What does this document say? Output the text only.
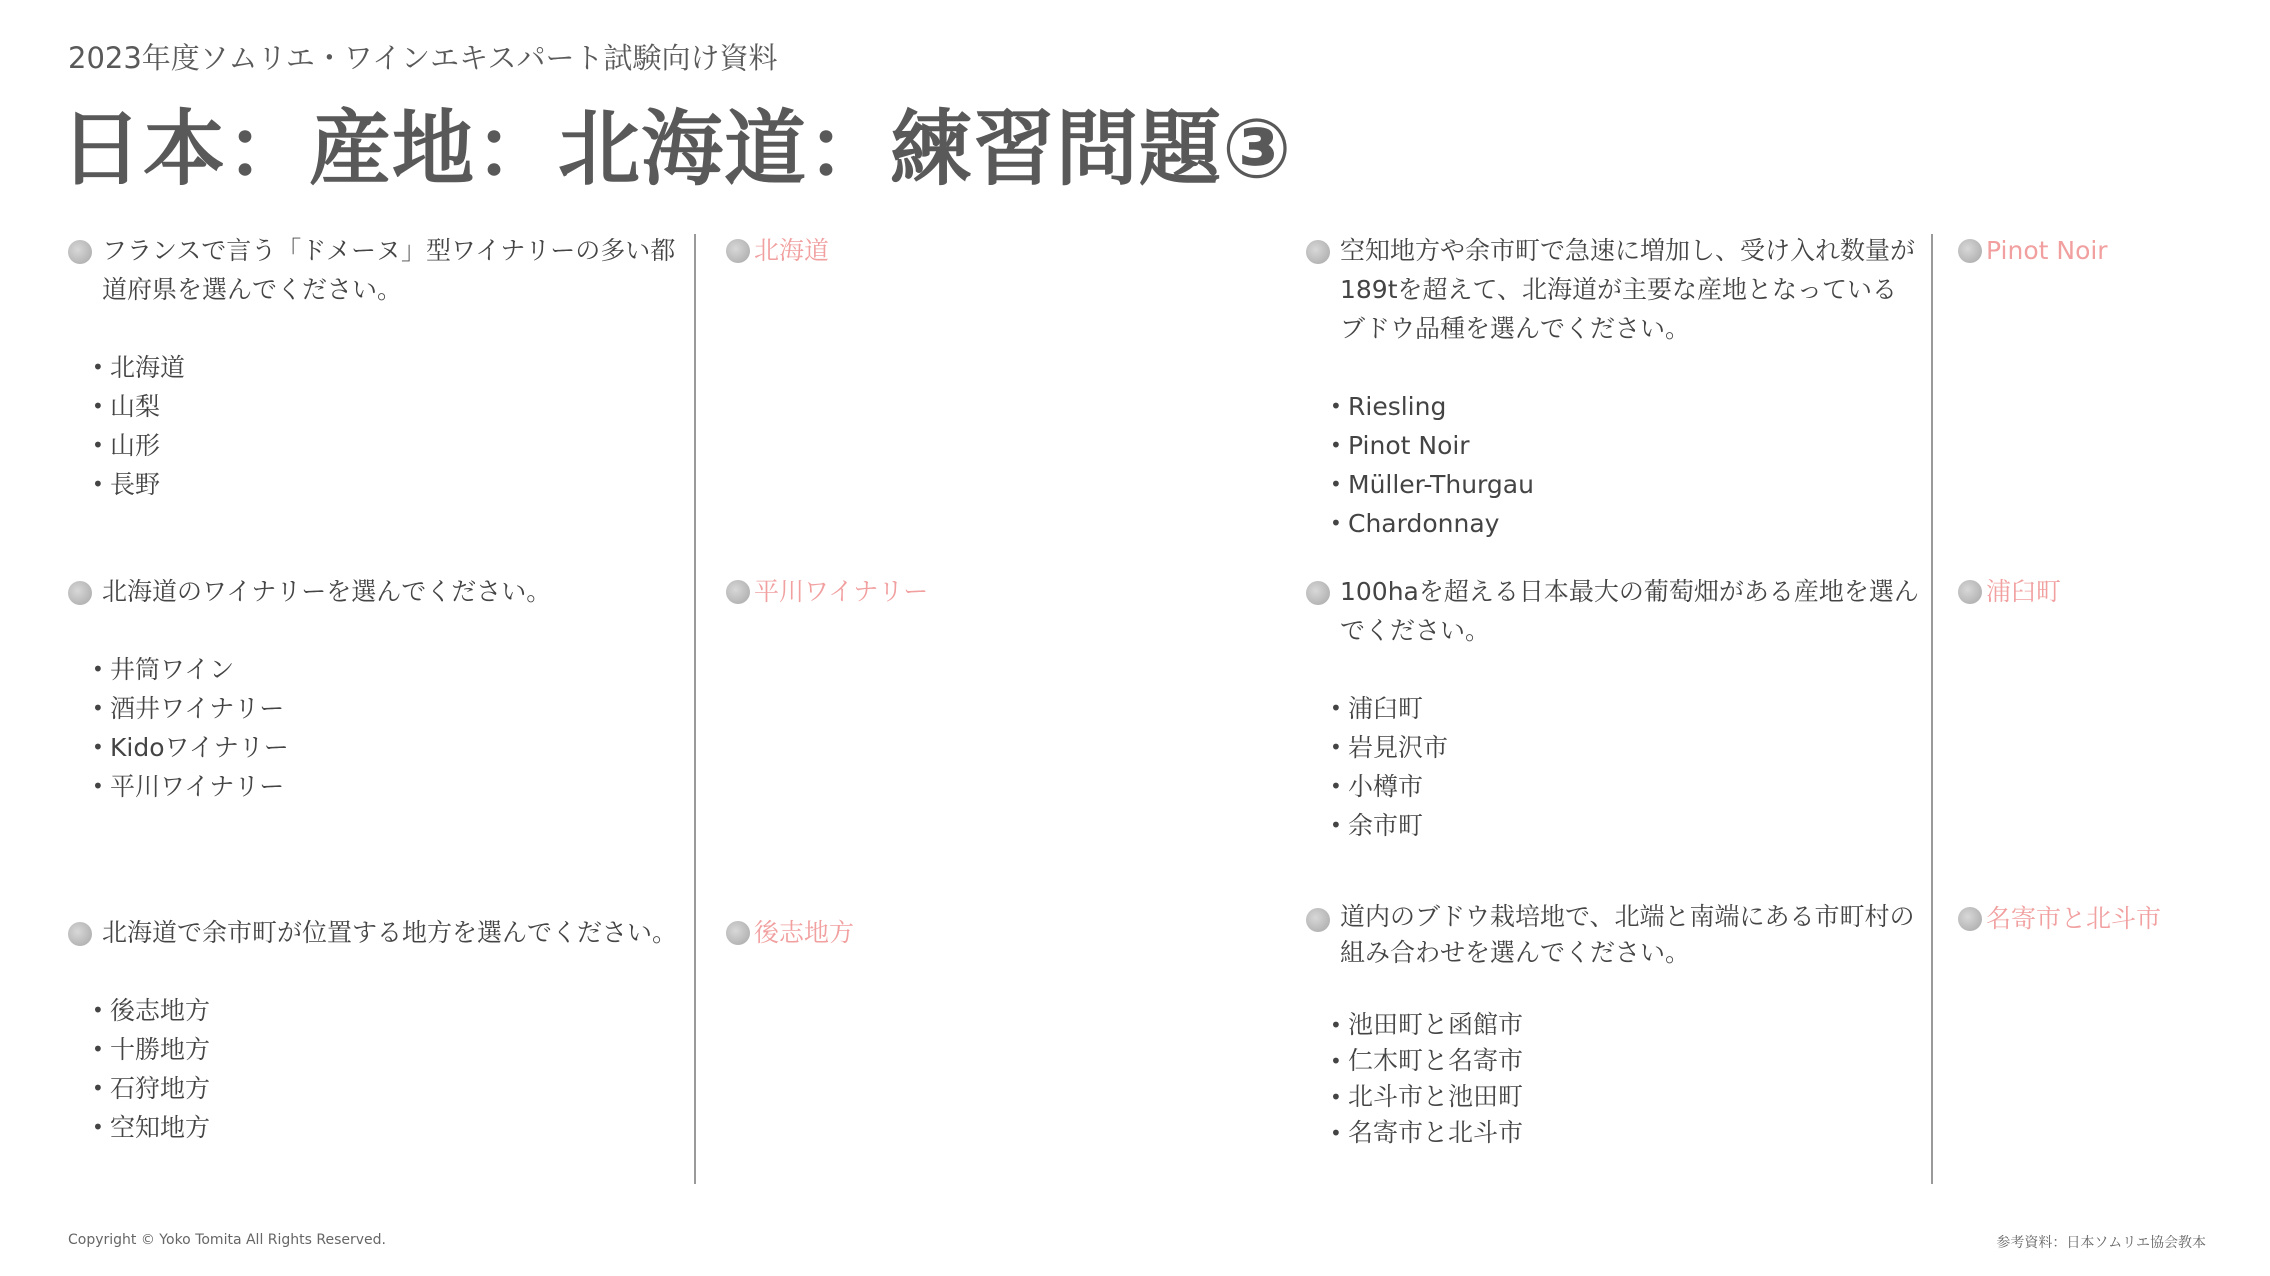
2023年度ソムリエ・ワインエキスパート試験向け資料
日本：産地：北海道：練習問題③
フランスで言う「ドメーヌ」型ワイナリーの多い都道府県を選んでください。
• 北海道
• 山梨
• 山形
• 長野
北海道
北海道のワイナリーを選んでください。
• 井筒ワイン
• 酒井ワイナリー
• Kidoワイナリー
• 平川ワイナリー
平川ワイナリー
北海道で余市町が位置する地方を選んでください。
• 後志地方
• 十勝地方
• 石狩地方
• 空知地方
後志地方
空知地方や余市町で急速に増加し、受け入れ数量が189tを超えて、北海道が主要な産地となっているブドウ品種を選んでください。
• Riesling
• Pinot Noir
• Müller-Thurgau
• Chardonnay
Pinot Noir
100haを超える日本最大の葡萄畑がある産地を選んでください。
• 浦臼町
• 岩見沢市
• 小樽市
• 余市町
浦臼町
道内のブドウ栽培地で、北端と南端にある市町村の組み合わせを選んでください。
• 池田町と函館市
• 仁木町と名寄市
• 北斗市と池田町
• 名寄市と北斗市
名寄市と北斗市
Copyright © Yoko Tomita All Rights Reserved.	参考資料：日本ソムリエ協会教本
